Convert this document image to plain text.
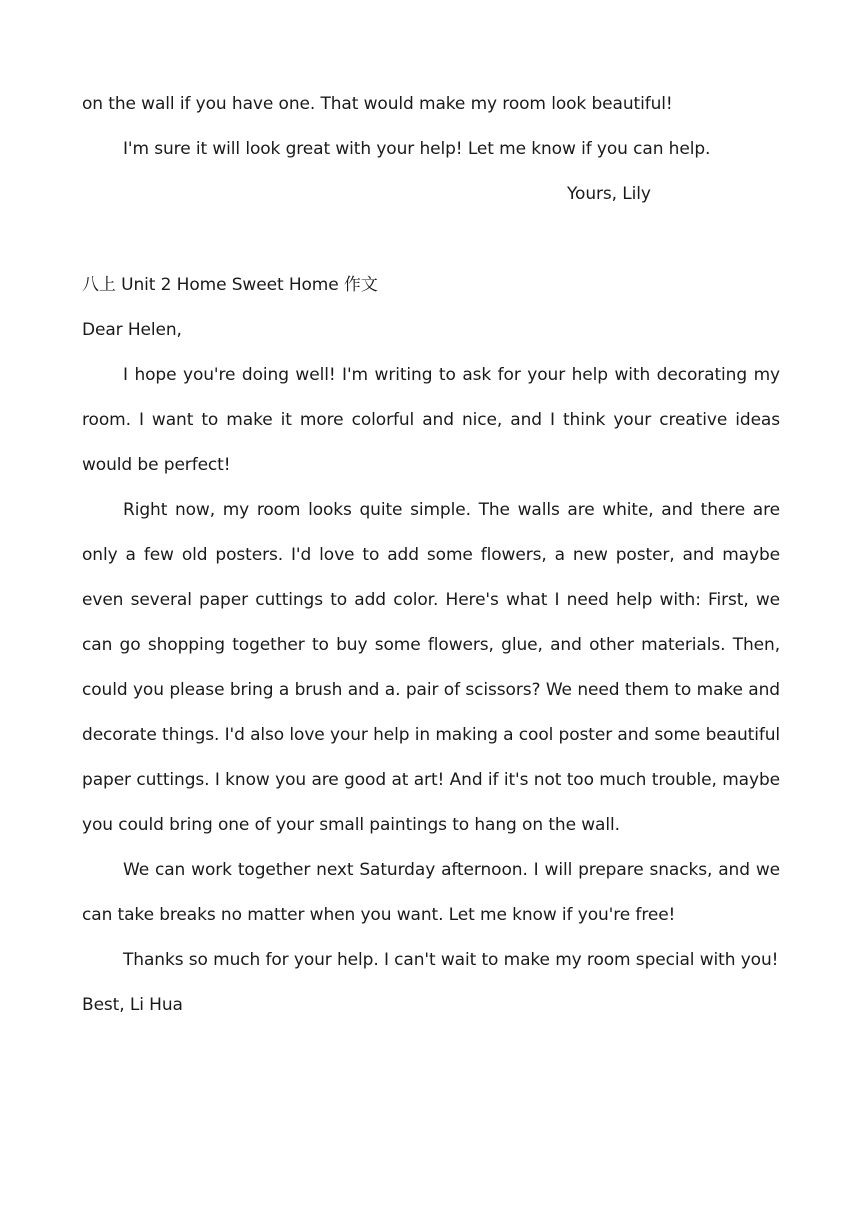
on the wall if you have one. That would make my room look beautiful!

I'm sure it will look great with your help! Let me know if you can help.

Yours, Lily

八上 Unit 2 Home Sweet Home 作文

Dear Helen,

I hope you're doing well! I'm writing to ask for your help with decorating my room. I want to make it more colorful and nice, and I think your creative ideas would be perfect!

Right now, my room looks quite simple. The walls are white, and there are only a few old posters. I'd love to add some flowers, a new poster, and maybe even several paper cuttings to add color. Here's what I need help with: First, we can go shopping together to buy some flowers, glue, and other materials. Then, could you please bring a brush and a. pair of scissors? We need them to make and decorate things. I'd also love your help in making a cool poster and some beautiful paper cuttings. I know you are good at art! And if it's not too much trouble, maybe you could bring one of your small paintings to hang on the wall.

We can work together next Saturday afternoon. I will prepare snacks, and we can take breaks no matter when you want. Let me know if you're free!

Thanks so much for your help. I can't wait to make my room special with you!

Best, Li Hua
